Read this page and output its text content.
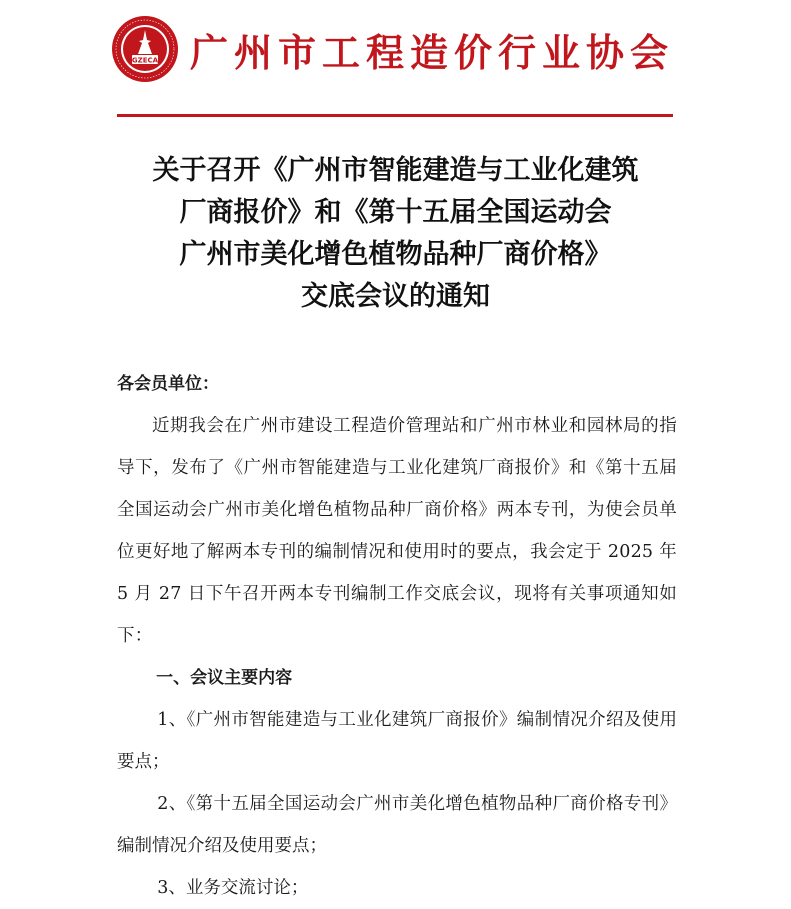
GZECA 广州市工程造价行业协会
关于召开《广州市智能建造与工业化建筑
厂商报价》和《第十五届全国运动会
广州市美化增色植物品种厂商价格》
交底会议的通知
各会员单位：
近期我会在广州市建设工程造价管理站和广州市林业和园林局的指导下，发布了《广州市智能建造与工业化建筑厂商报价》和《第十五届全国运动会广州市美化增色植物品种厂商价格》两本专刊，为使会员单位更好地了解两本专刊的编制情况和使用时的要点，我会定于 2025 年 5 月 27 日下午召开两本专刊编制工作交底会议，现将有关事项通知如下：
一、会议主要内容
1、《广州市智能建造与工业化建筑厂商报价》编制情况介绍及使用要点；
2、《第十五届全国运动会广州市美化增色植物品种厂商价格专刊》编制情况介绍及使用要点；
3、业务交流讨论；
